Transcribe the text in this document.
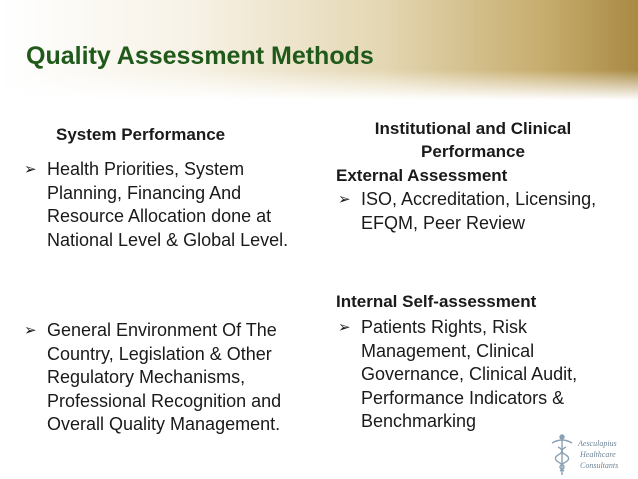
Quality Assessment Methods
System Performance
➢ Health Priorities, System Planning, Financing And Resource Allocation done at National Level & Global Level.
➢ General Environment Of The Country, Legislation & Other Regulatory Mechanisms, Professional Recognition and Overall Quality Management.
Institutional and Clinical Performance
External Assessment
➢ ISO, Accreditation, Licensing, EFQM, Peer Review
Internal Self-assessment
➢ Patients Rights, Risk Management, Clinical Governance, Clinical Audit, Performance Indicators & Benchmarking
Aesculapius
Healthcare
Consultants
